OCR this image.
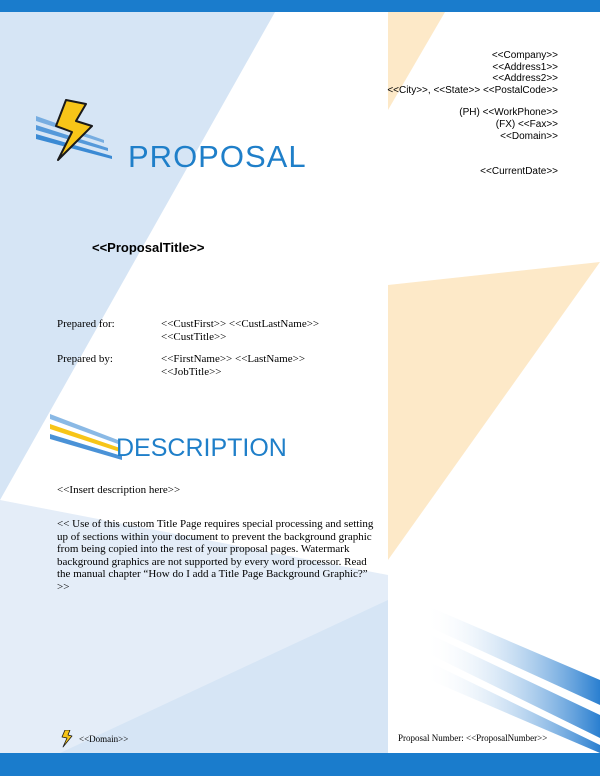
<<Company>>
<<Address1>>
<<Address2>>
<<City>>, <<State>> <<PostalCode>>
(PH) <<WorkPhone>>
(FX) <<Fax>>
<<Domain>>
<<CurrentDate>>
PROPOSAL
<<ProposalTitle>>
Prepared for:	<<CustFirst>> <<CustLastName>>
<<CustTitle>>
Prepared by:	<<FirstName>> <<LastName>>
<<JobTitle>>
DESCRIPTION
<<Insert description here>>
<< Use of this custom Title Page requires special processing and setting up of sections within your document to prevent the background graphic from being copied into the rest of your proposal pages. Watermark background graphics are not supported by every word processor. Read the manual chapter “How do I add a Title Page Background Graphic?” >>
<<Domain>>	Proposal Number: <<ProposalNumber>>
